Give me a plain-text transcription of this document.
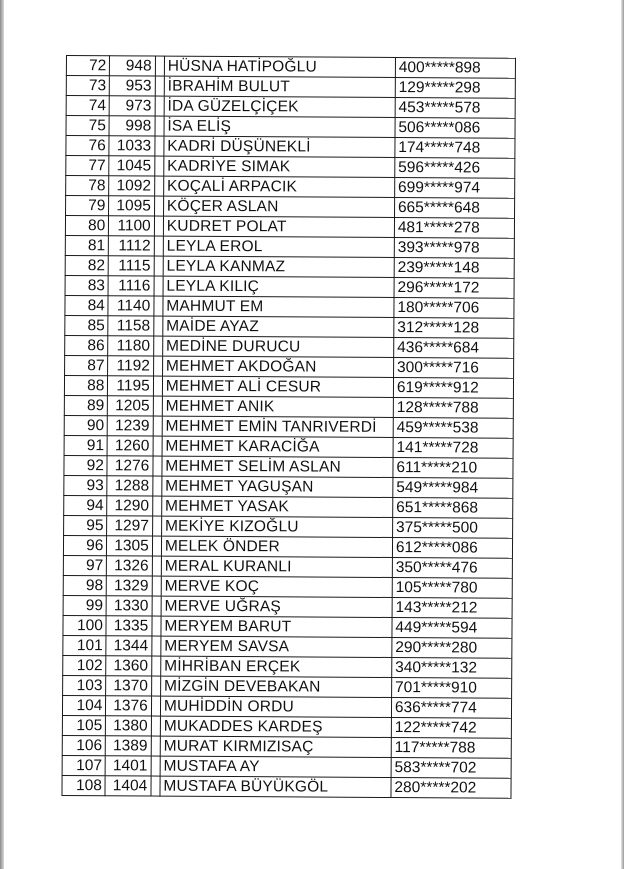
72	948		HÜSNA HATİPOĞLU	400*****898
73	953		İBRAHİM BULUT	129*****298
74	973		İDA GÜZELÇİÇEK	453*****578
75	998		İSA ELİŞ	506*****086
76	1033		KADRİ DÜŞÜNEKLİ	174*****748
77	1045		KADRİYE SIMAK	596*****426
78	1092		KOÇALİ ARPACIK	699*****974
79	1095		KÖÇER ASLAN	665*****648
80	1100		KUDRET POLAT	481*****278
81	1112		LEYLA EROL	393*****978
82	1115		LEYLA KANMAZ	239*****148
83	1116		LEYLA KILIÇ	296*****172
84	1140		MAHMUT EM	180*****706
85	1158		MAİDE AYAZ	312*****128
86	1180		MEDİNE DURUCU	436*****684
87	1192		MEHMET AKDOĞAN	300*****716
88	1195		MEHMET ALİ CESUR	619*****912
89	1205		MEHMET ANIK	128*****788
90	1239		MEHMET EMİN TANRIVERDİ	459*****538
91	1260		MEHMET KARACİĞA	141*****728
92	1276		MEHMET SELİM ASLAN	611*****210
93	1288		MEHMET YAGUŞAN	549*****984
94	1290		MEHMET YASAK	651*****868
95	1297		MEKİYE KIZOĞLU	375*****500
96	1305		MELEK ÖNDER	612*****086
97	1326		MERAL KURANLI	350*****476
98	1329		MERVE KOÇ	105*****780
99	1330		MERVE UĞRAŞ	143*****212
100	1335		MERYEM BARUT	449*****594
101	1344		MERYEM SAVSA	290*****280
102	1360		MİHRİBAN ERÇEK	340*****132
103	1370		MİZGİN DEVEBAKAN	701*****910
104	1376		MUHİDDİN ORDU	636*****774
105	1380		MUKADDES KARDEŞ	122*****742
106	1389		MURAT KIRMIZISAÇ	117*****788
107	1401		MUSTAFA AY	583*****702
108	1404		MUSTAFA BÜYÜKGÖL	280*****202
